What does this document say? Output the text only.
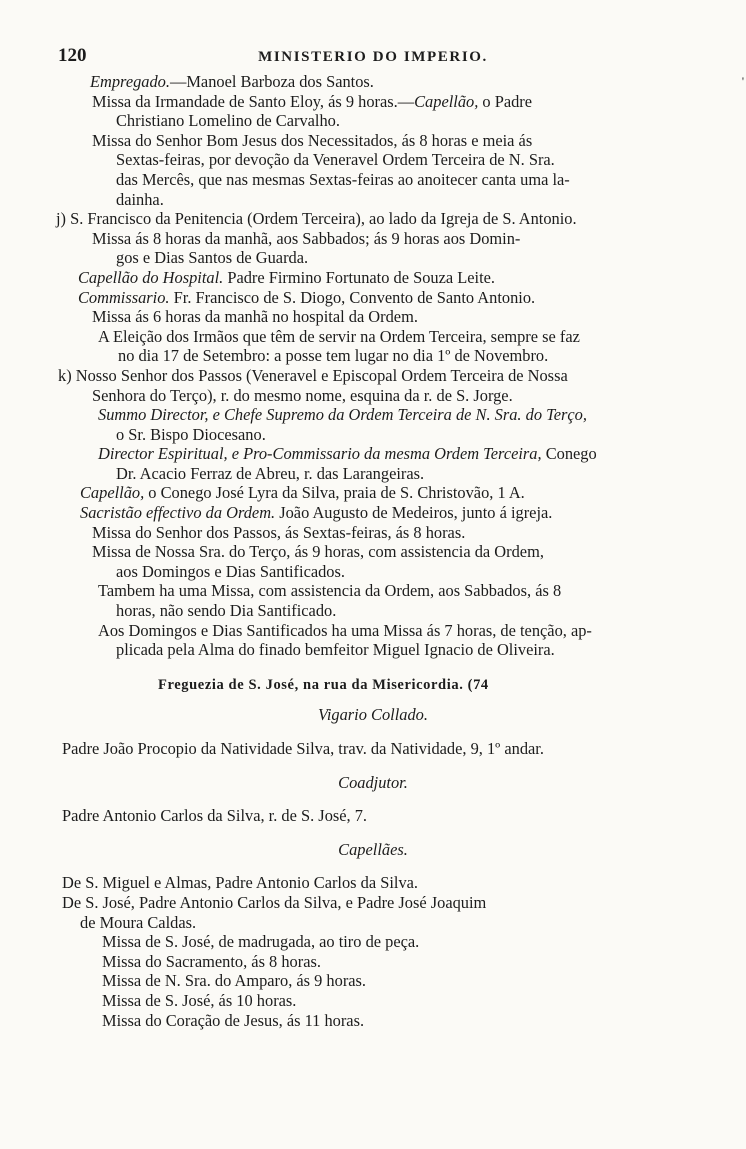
120	MINISTERIO DO IMPERIO.
'
Empregado.—Manoel Barboza dos Santos.
Missa da Irmandade de Santo Eloy, ás 9 horas.—Capellão, o Padre
Christiano Lomelino de Carvalho.
Missa do Senhor Bom Jesus dos Necessitados, ás 8 horas e meia ás
Sextas-feiras, por devoção da Veneravel Ordem Terceira de N. Sra.
das Mercês, que nas mesmas Sextas-feiras ao anoitecer canta uma la-
dainha.
j) S. Francisco da Penitencia (Ordem Terceira), ao lado da Igreja de S. Antonio.
Missa ás 8 horas da manhã, aos Sabbados; ás 9 horas aos Domin-
gos e Dias Santos de Guarda.
Capellão do Hospital. Padre Firmino Fortunato de Souza Leite.
Commissario. Fr. Francisco de S. Diogo, Convento de Santo Antonio.
Missa ás 6 horas da manhã no hospital da Ordem.
A Eleição dos Irmãos que têm de servir na Ordem Terceira, sempre se faz
no dia 17 de Setembro: a posse tem lugar no dia 1º de Novembro.
k) Nosso Senhor dos Passos (Veneravel e Episcopal Ordem Terceira de Nossa
Senhora do Terço), r. do mesmo nome, esquina da r. de S. Jorge.
Summo Director, e Chefe Supremo da Ordem Terceira de N. Sra. do Terço,
o Sr. Bispo Diocesano.
Director Espiritual, e Pro-Commissario da mesma Ordem Terceira, Conego
Dr. Acacio Ferraz de Abreu, r. das Larangeiras.
Capellão, o Conego José Lyra da Silva, praia de S. Christovão, 1 A.
Sacristão effectivo da Ordem. João Augusto de Medeiros, junto á igreja.
Missa do Senhor dos Passos, ás Sextas-feiras, ás 8 horas.
Missa de Nossa Sra. do Terço, ás 9 horas, com assistencia da Ordem,
aos Domingos e Dias Santificados.
Tambem ha uma Missa, com assistencia da Ordem, aos Sabbados, ás 8
horas, não sendo Dia Santificado.
Aos Domingos e Dias Santificados ha uma Missa ás 7 horas, de tenção, ap-
plicada pela Alma do finado bemfeitor Miguel Ignacio de Oliveira.
Freguezia de S. José, na rua da Misericordia. (74
Vigario Collado.
Padre João Procopio da Natividade Silva, trav. da Natividade, 9, 1º andar.
Coadjutor.
Padre Antonio Carlos da Silva, r. de S. José, 7.
Capellães.
De S. Miguel e Almas, Padre Antonio Carlos da Silva.
De S. José, Padre Antonio Carlos da Silva, e Padre José Joaquim
de Moura Caldas.
Missa de S. José, de madrugada, ao tiro de peça.
Missa do Sacramento, ás 8 horas.
Missa de N. Sra. do Amparo, ás 9 horas.
Missa de S. José, ás 10 horas.
Missa do Coração de Jesus, ás 11 horas.
